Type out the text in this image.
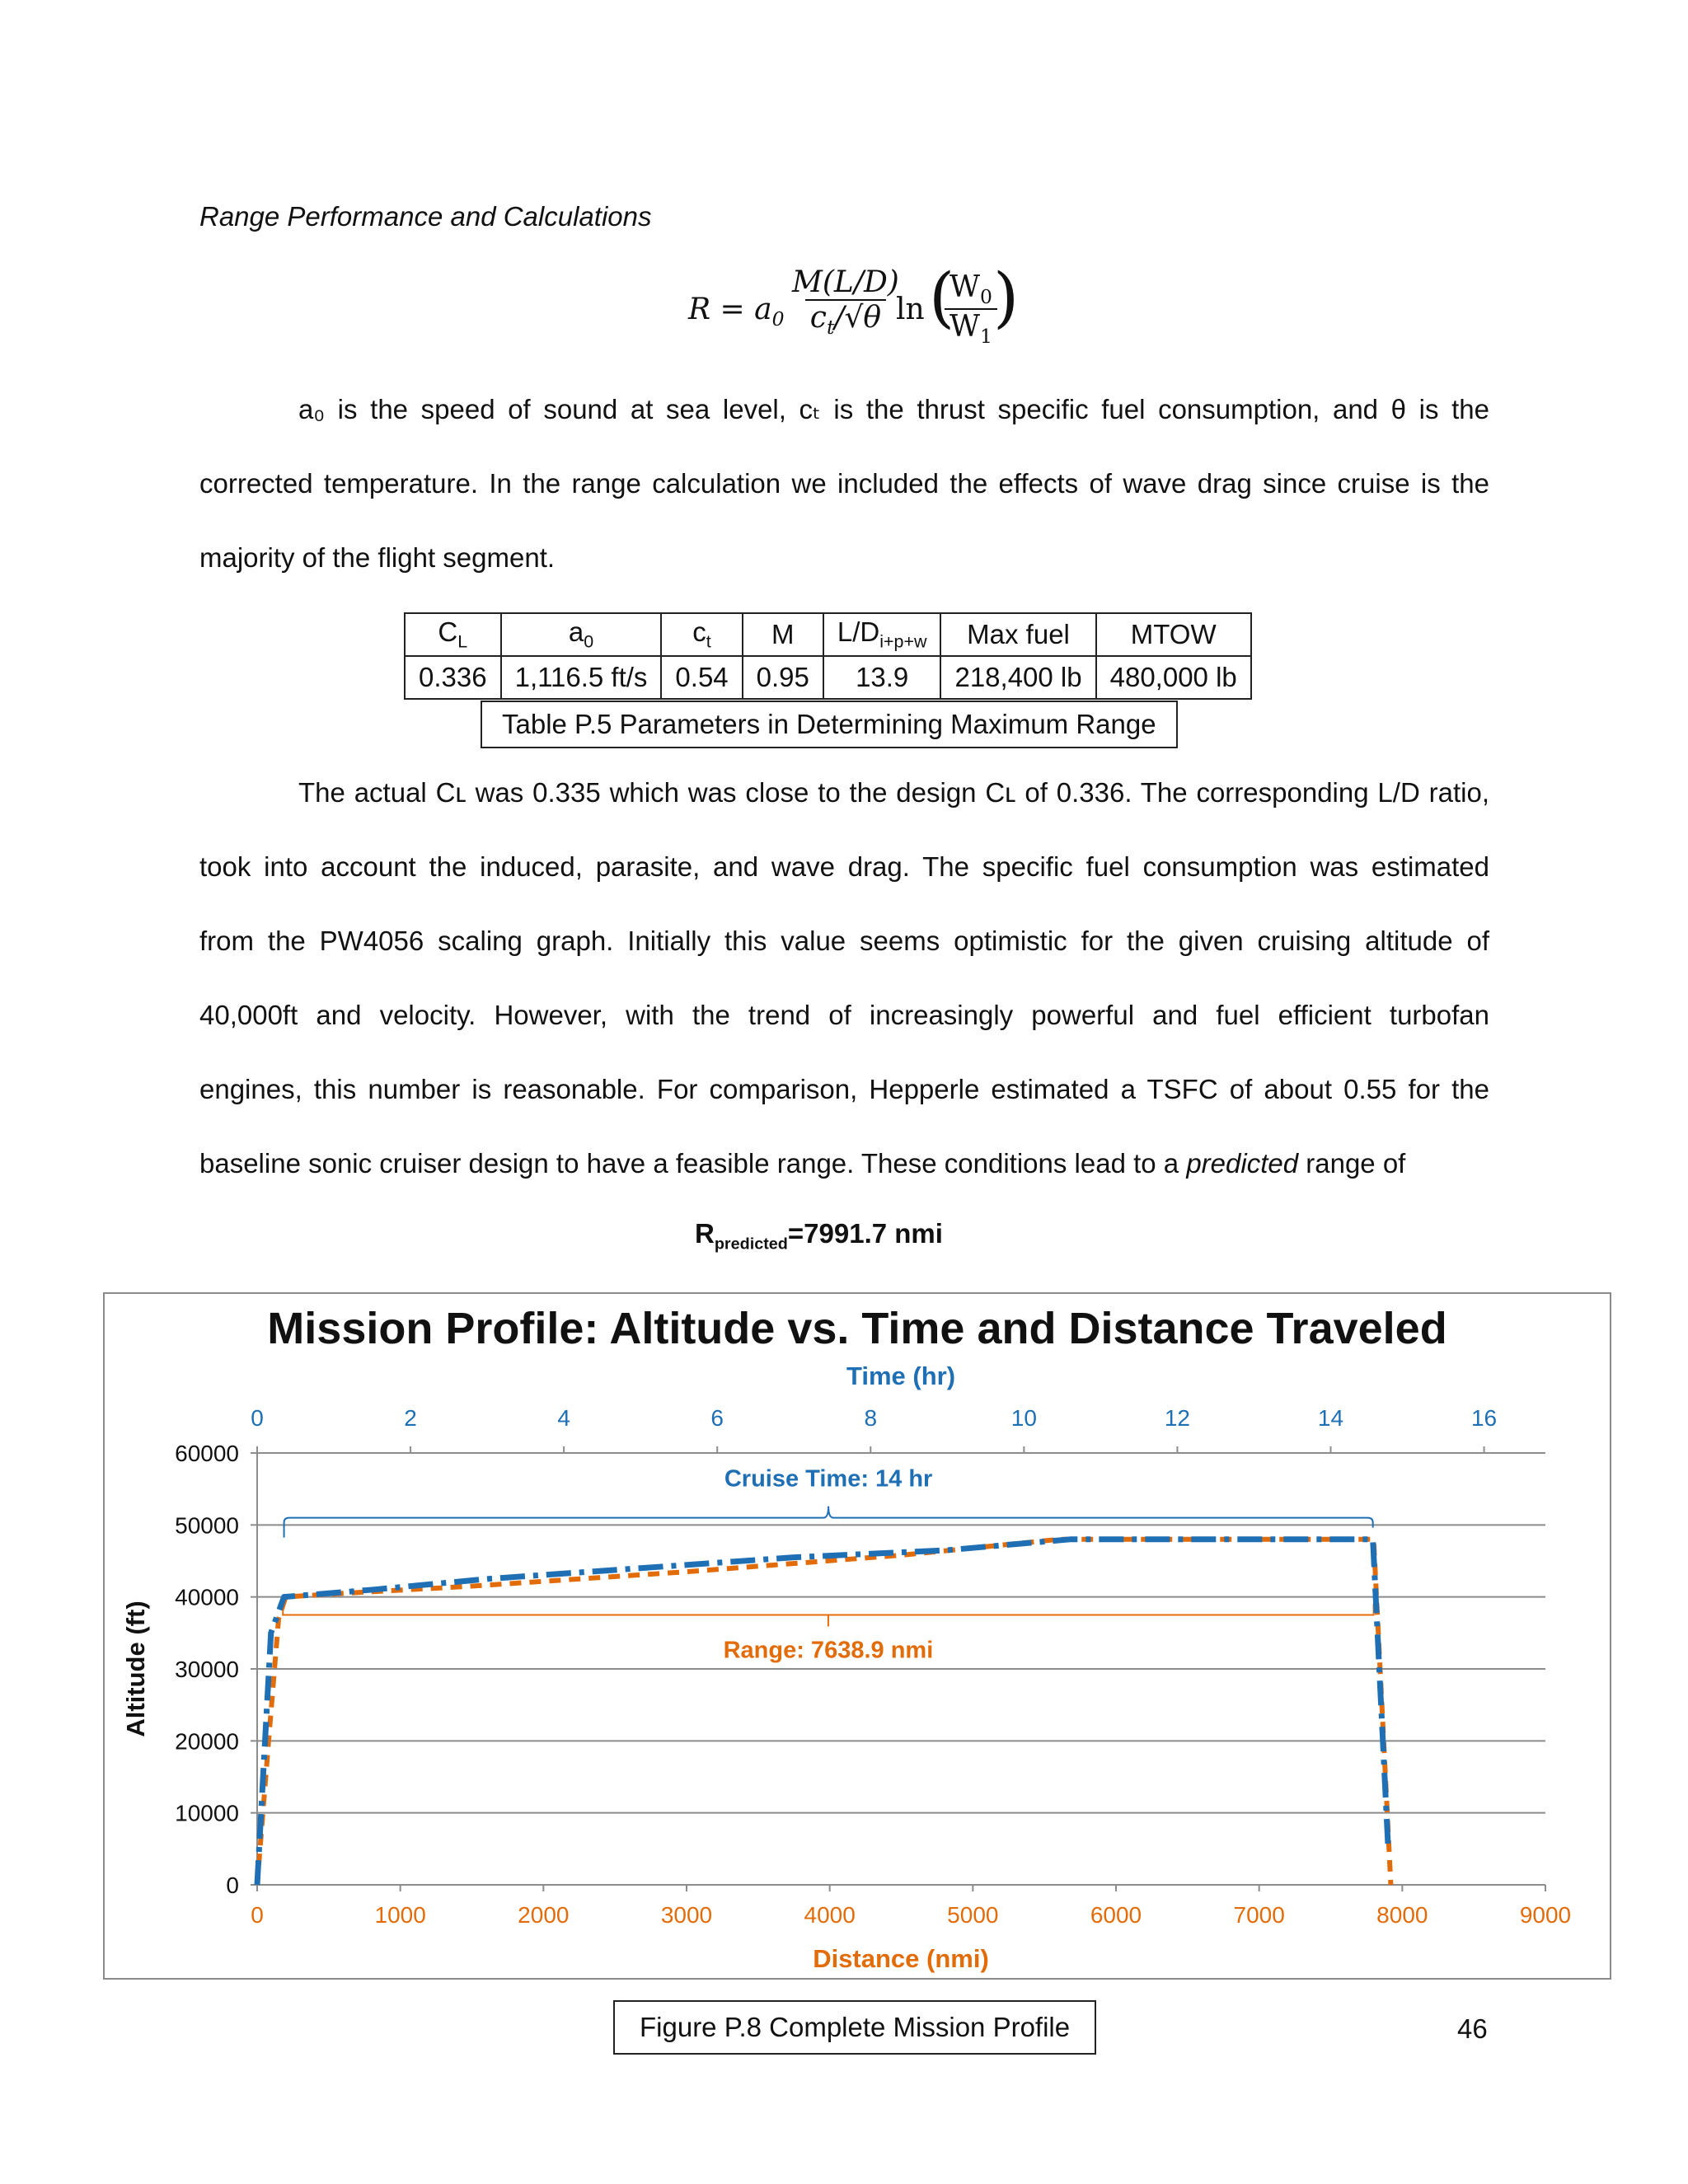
Range Performance and Calculations
$R = a_0 \frac{M(L/D)}{c_t/√\theta}$
ln (
$\frac{W_0}{W_1}$
)
a₀ is the speed of sound at sea level, cₜ is the thrust specific fuel consumption, and θ is the
corrected temperature. In the range calculation we included the effects of wave drag since cruise is the
majority of the flight segment.
$C_L$	$a_0$	$c_t$	M	$L/D_{i+p+w}$	Max fuel	MTOW
0.336	1,116.5 ft/s	0.54	0.95	13.9	218,400 lb	480,000 lb
Table P.5 Parameters in Determining Maximum Range
The actual Cʟ was 0.335 which was close to the design Cʟ of 0.336. The corresponding L/D ratio,
took into account the induced, parasite, and wave drag. The specific fuel consumption was estimated
from the PW4056 scaling graph. Initially this value seems optimistic for the given cruising altitude of
40,000ft and velocity. However, with the trend of increasingly powerful and fuel efficient turbofan
engines, this number is reasonable. For comparison, Hepperle estimated a TSFC of about 0.55 for the
baseline sonic cruiser design to have a feasible range. These conditions lead to a predicted range of
$R_{predicted}=7991.7$ nmi
Mission Profile: Altitude vs. Time and Distance Traveled
Time (hr)
Distance (nmi)
Altitude (ft)
0
10000
20000
30000
40000
50000
60000
0	1000	2000	3000	4000	5000	6000	7000	8000	9000
0	2	4	6	8	10	12	14	16
Cruise Time: 14 hr
Range: 7638.9 nmi
Figure P.8 Complete Mission Profile	46
